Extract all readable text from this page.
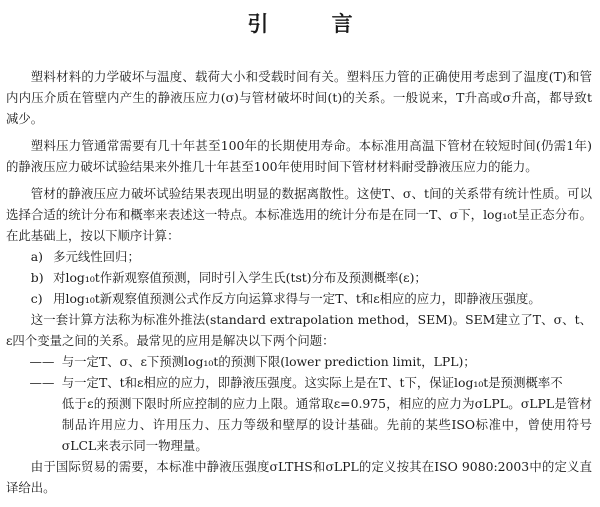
引 言

塑料材料的力学破坏与温度、载荷大小和受载时间有关。塑料压力管的正确使用考虑到了温度(T)和管内内压介质在管壁内产生的静液压应力(σ)与管材破坏时间(t)的关系。一般说来，T升高或σ升高，都导致t减少。

塑料压力管通常需要有几十年甚至100年的长期使用寿命。本标准用高温下管材在较短时间(仍需1年)的静液压应力破坏试验结果来外推几十年甚至100年使用时间下管材材料耐受静液压应力的能力。

管材的静液压应力破坏试验结果表现出明显的数据离散性。这使T、σ、t间的关系带有统计性质。可以选择合适的统计分布和概率来表述这一特点。本标准选用的统计分布是在同一T、σ下，log₁₀t呈正态分布。在此基础上，按以下顺序计算：

a) 多元线性回归；
b) 对log₁₀t作新观察值预测，同时引入学生氏(tst)分布及预测概率(ε)；
c) 用log₁₀t新观察值预测公式作反方向运算求得与一定T、t和ε相应的应力，即静液压强度。

这一套计算方法称为标准外推法(standard extrapolation method，SEM)。SEM建立了T、σ、t、ε四个变量之间的关系。最常见的应用是解决以下两个问题：

—— 与一定T、σ、ε下预测log₁₀t的预测下限(lower prediction limit，LPL)；
—— 与一定T、t和ε相应的应力，即静液压强度。这实际上是在T、t下，保证log₁₀t是预测概率不
低于ε的预测下限时所应控制的应力上限。通常取ε=0.975，相应的应力为σLPL。σLPL是管材制品许用应力、许用压力、压力等级和壁厚的设计基础。先前的某些ISO标准中，曾使用符号σLCL来表示同一物理量。

由于国际贸易的需要，本标准中静液压强度σLTHS和σLPL的定义按其在ISO 9080:2003中的定义直译给出。
